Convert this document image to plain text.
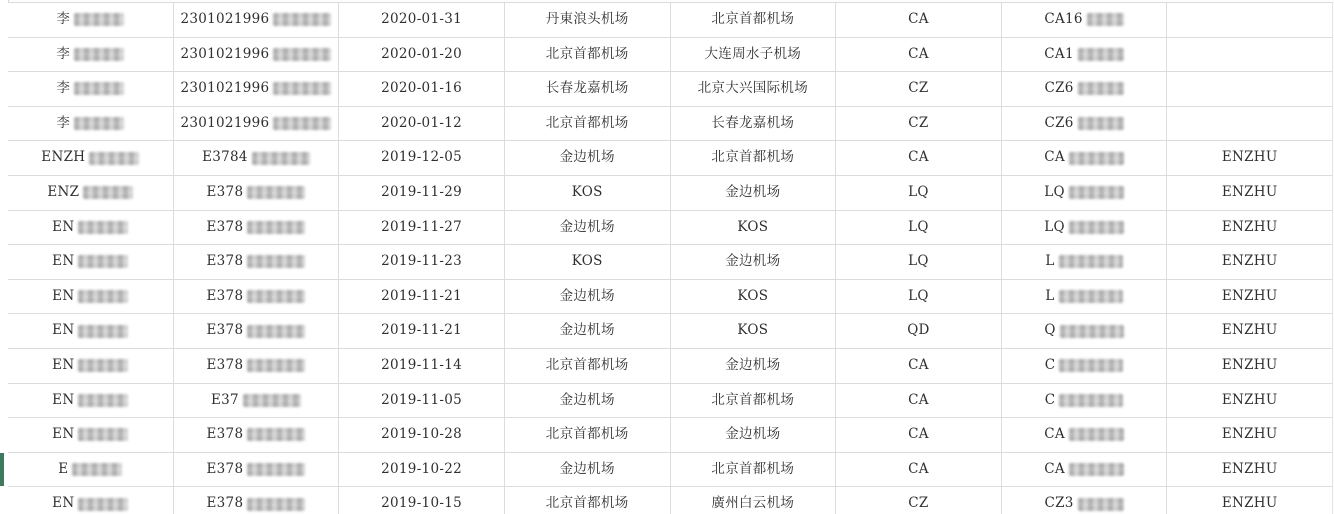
李	2301021996	2020-01-31	丹東浪头机场	北京首都机场	CA	CA16
李	2301021996	2020-01-20	北京首都机场	大连周水子机场	CA	CA1
李	2301021996	2020-01-16	长春龙嘉机场	北京大兴国际机场	CZ	CZ6
李	2301021996	2020-01-12	北京首都机场	长春龙嘉机场	CZ	CZ6
ENZH	E3784	2019-12-05	金边机场	北京首都机场	CA	CA	ENZHU
ENZ	E378	2019-11-29	KOS	金边机场	LQ	LQ	ENZHU
EN	E378	2019-11-27	金边机场	KOS	LQ	LQ	ENZHU
EN	E378	2019-11-23	KOS	金边机场	LQ	L	ENZHU
EN	E378	2019-11-21	金边机场	KOS	LQ	L	ENZHU
EN	E378	2019-11-21	金边机场	KOS	QD	Q	ENZHU
EN	E378	2019-11-14	北京首都机场	金边机场	CA	C	ENZHU
EN	E37	2019-11-05	金边机场	北京首都机场	CA	C	ENZHU
EN	E378	2019-10-28	北京首都机场	金边机场	CA	CA	ENZHU
E	E378	2019-10-22	金边机场	北京首都机场	CA	CA	ENZHU
EN	E378	2019-10-15	北京首都机场	廣州白云机场	CZ	CZ3	ENZHU
